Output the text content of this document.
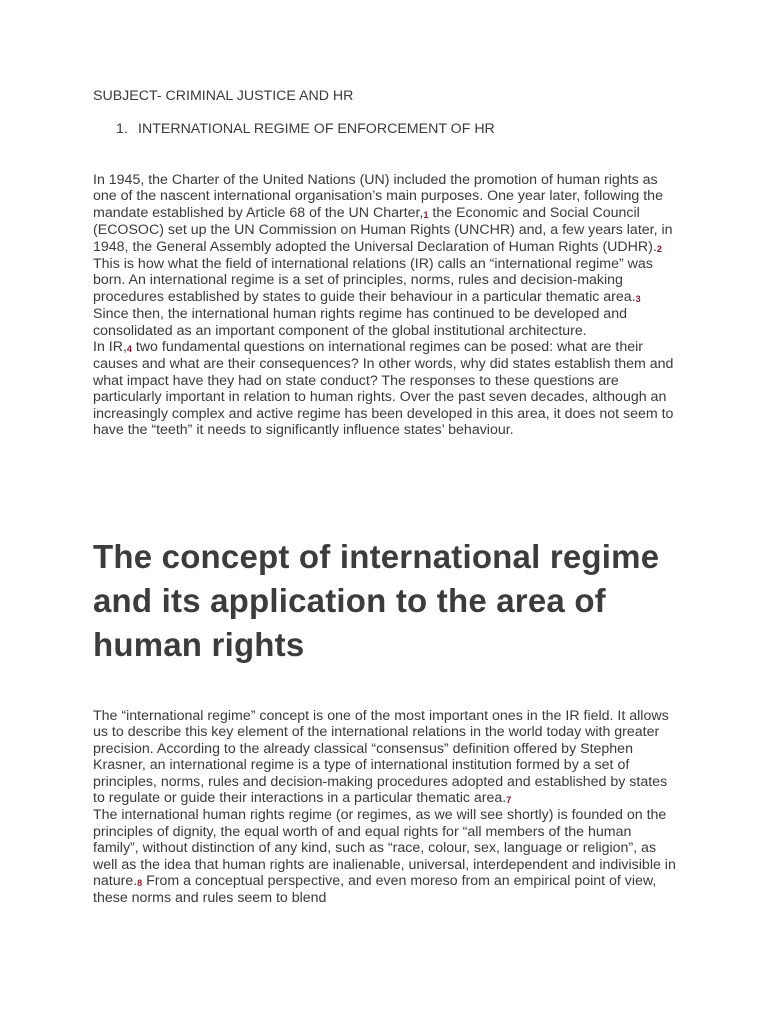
SUBJECT- CRIMINAL JUSTICE AND HR
1. INTERNATIONAL REGIME OF ENFORCEMENT OF HR

In 1945, the Charter of the United Nations (UN) included the promotion of human rights as one of the nascent international organisation’s main purposes. One year later, following the mandate established by Article 68 of the UN Charter,1 the Economic and Social Council (ECOSOC) set up the UN Commission on Human Rights (UNCHR) and, a few years later, in 1948, the General Assembly adopted the Universal Declaration of Human Rights (UDHR).2 This is how what the field of international relations (IR) calls an “international regime” was born. An international regime is a set of principles, norms, rules and decision-making procedures established by states to guide their behaviour in a particular thematic area.3 Since then, the international human rights regime has continued to be developed and consolidated as an important component of the global institutional architecture.

In IR,4 two fundamental questions on international regimes can be posed: what are their causes and what are their consequences? In other words, why did states establish them and what impact have they had on state conduct? The responses to these questions are particularly important in relation to human rights. Over the past seven decades, although an increasingly complex and active regime has been developed in this area, it does not seem to have the “teeth” it needs to significantly influence states’ behaviour.

The concept of international regime and its application to the area of human rights

The “international regime” concept is one of the most important ones in the IR field. It allows us to describe this key element of the international relations in the world today with greater precision. According to the already classical “consensus” definition offered by Stephen Krasner, an international regime is a type of international institution formed by a set of principles, norms, rules and decision-making procedures adopted and established by states to regulate or guide their interactions in a particular thematic area.7

The international human rights regime (or regimes, as we will see shortly) is founded on the principles of dignity, the equal worth of and equal rights for “all members of the human family”, without distinction of any kind, such as “race, colour, sex, language or religion”, as well as the idea that human rights are inalienable, universal, interdependent and indivisible in nature.8 From a conceptual perspective, and even moreso from an empirical point of view, these norms and rules seem to blend
